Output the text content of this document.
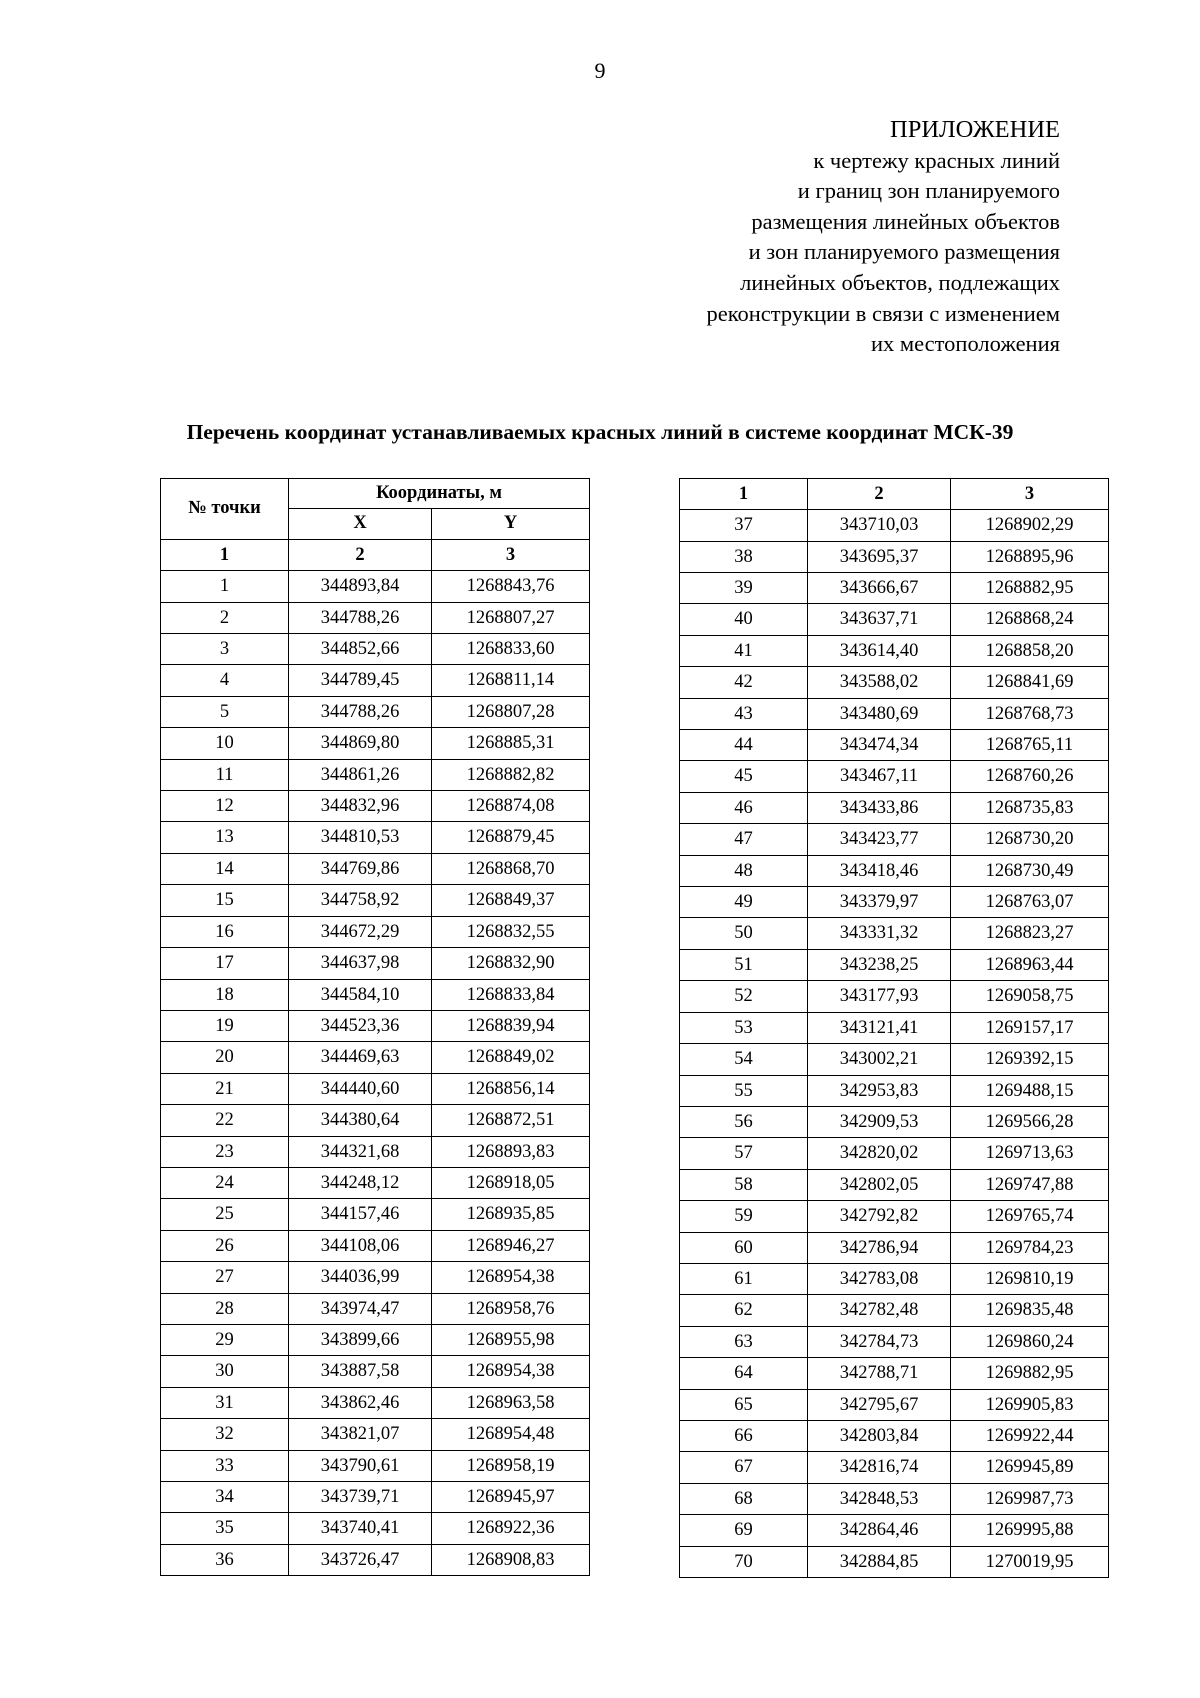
9
ПРИЛОЖЕНИЕ
к чертежу красных линий
и границ зон планируемого
размещения линейных объектов
и зон планируемого размещения
линейных объектов, подлежащих
реконструкции в связи с изменением
их местоположения
Перечень координат устанавливаемых красных линий в системе координат МСК-39
№ точки	Координаты, м	
	X	Y
1	2	3
1	344893,84	1268843,76
2	344788,26	1268807,27
3	344852,66	1268833,60
4	344789,45	1268811,14
5	344788,26	1268807,28
10	344869,80	1268885,31
11	344861,26	1268882,82
12	344832,96	1268874,08
13	344810,53	1268879,45
14	344769,86	1268868,70
15	344758,92	1268849,37
16	344672,29	1268832,55
17	344637,98	1268832,90
18	344584,10	1268833,84
19	344523,36	1268839,94
20	344469,63	1268849,02
21	344440,60	1268856,14
22	344380,64	1268872,51
23	344321,68	1268893,83
24	344248,12	1268918,05
25	344157,46	1268935,85
26	344108,06	1268946,27
27	344036,99	1268954,38
28	343974,47	1268958,76
29	343899,66	1268955,98
30	343887,58	1268954,38
31	343862,46	1268963,58
32	343821,07	1268954,48
33	343790,61	1268958,19
34	343739,71	1268945,97
35	343740,41	1268922,36
36	343726,47	1268908,83
1	2	3
37	343710,03	1268902,29
38	343695,37	1268895,96
39	343666,67	1268882,95
40	343637,71	1268868,24
41	343614,40	1268858,20
42	343588,02	1268841,69
43	343480,69	1268768,73
44	343474,34	1268765,11
45	343467,11	1268760,26
46	343433,86	1268735,83
47	343423,77	1268730,20
48	343418,46	1268730,49
49	343379,97	1268763,07
50	343331,32	1268823,27
51	343238,25	1268963,44
52	343177,93	1269058,75
53	343121,41	1269157,17
54	343002,21	1269392,15
55	342953,83	1269488,15
56	342909,53	1269566,28
57	342820,02	1269713,63
58	342802,05	1269747,88
59	342792,82	1269765,74
60	342786,94	1269784,23
61	342783,08	1269810,19
62	342782,48	1269835,48
63	342784,73	1269860,24
64	342788,71	1269882,95
65	342795,67	1269905,83
66	342803,84	1269922,44
67	342816,74	1269945,89
68	342848,53	1269987,73
69	342864,46	1269995,88
70	342884,85	1270019,95
